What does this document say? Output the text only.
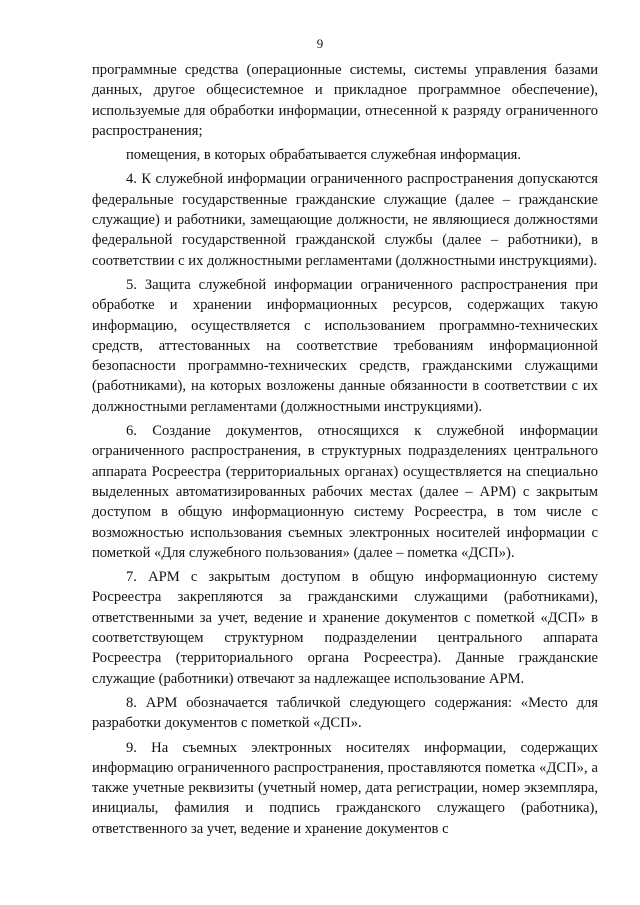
9

программные средства (операционные системы, системы управления базами данных, другое общесистемное и прикладное программное обеспечение), используемые для обработки информации, отнесенной к разряду ограниченного распространения;

помещения, в которых обрабатывается служебная информация.

4. К служебной информации ограниченного распространения допускаются федеральные государственные гражданские служащие (далее – гражданские служащие) и работники, замещающие должности, не являющиеся должностями федеральной государственной гражданской службы (далее – работники), в соответствии с их должностными регламентами (должностными инструкциями).

5. Защита служебной информации ограниченного распространения при обработке и хранении информационных ресурсов, содержащих такую информацию, осуществляется с использованием программно-технических средств, аттестованных на соответствие требованиям информационной безопасности программно-технических средств, гражданскими служащими (работниками), на которых возложены данные обязанности в соответствии с их должностными регламентами (должностными инструкциями).

6. Создание документов, относящихся к служебной информации ограниченного распространения, в структурных подразделениях центрального аппарата Росреестра (территориальных органах) осуществляется на специально выделенных автоматизированных рабочих местах (далее – АРМ) с закрытым доступом в общую информационную систему Росреестра, в том числе с возможностью использования съемных электронных носителей информации с пометкой «Для служебного пользования» (далее – пометка «ДСП»).

7. АРМ с закрытым доступом в общую информационную систему Росреестра закрепляются за гражданскими служащими (работниками), ответственными за учет, ведение и хранение документов с пометкой «ДСП» в соответствующем структурном подразделении центрального аппарата Росреестра (территориального органа Росреестра). Данные гражданские служащие (работники) отвечают за надлежащее использование АРМ.

8. АРМ обозначается табличкой следующего содержания: «Место для разработки документов с пометкой «ДСП».

9. На съемных электронных носителях информации, содержащих информацию ограниченного распространения, проставляются пометка «ДСП», а также учетные реквизиты (учетный номер, дата регистрации, номер экземпляра, инициалы, фамилия и подпись гражданского служащего (работника), ответственного за учет, ведение и хранение документов с
